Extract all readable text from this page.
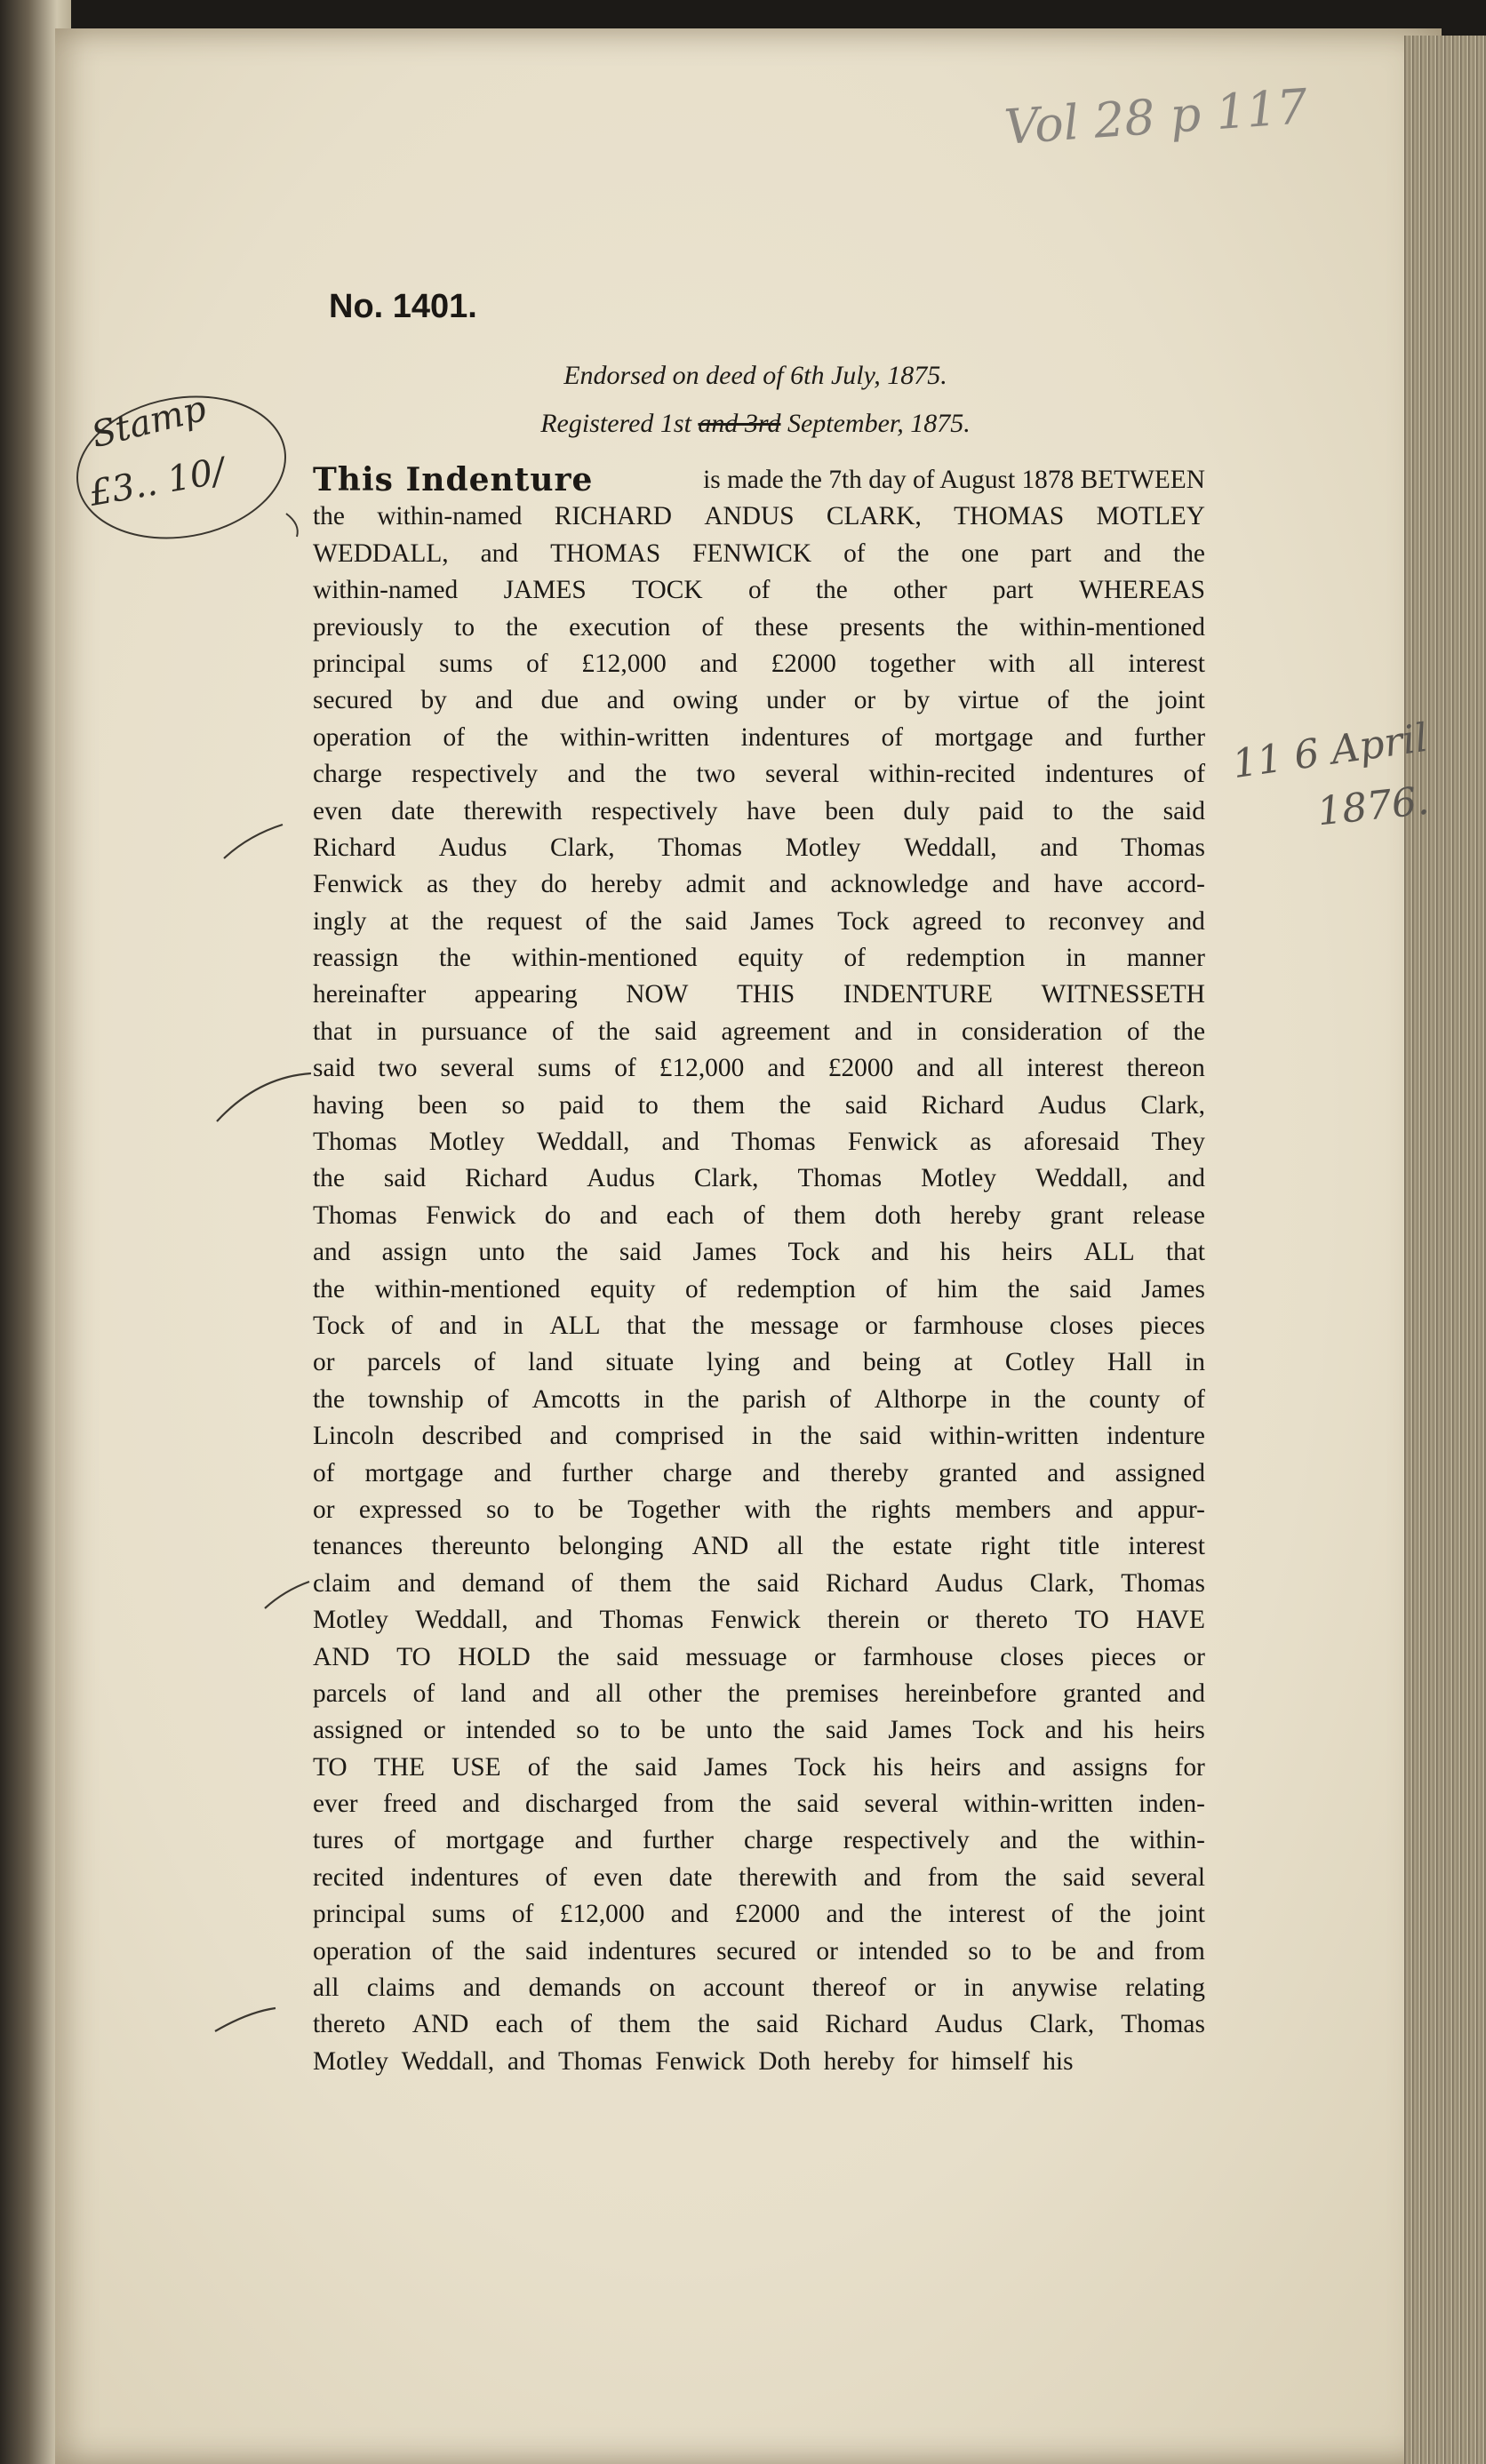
Vol 28 p 117
No. 1401.
Endorsed on deed of 6th July, 1875.
Registered 1st and 3rd September, 1875.
Stamp
£3.. 10/
11 6 April
1876.
This Indenture	is made the 7th day of August 1878 BETWEEN
the within-named RICHARD ANDUS CLARK, THOMAS MOTLEY
WEDDALL, and THOMAS FENWICK of the one part and the
within-named JAMES TOCK of the other part WHEREAS
previously to the execution of these presents the within-mentioned
principal sums of £12,000 and £2000 together with all interest
secured by and due and owing under or by virtue of the joint
operation of the within-written indentures of mortgage and further
charge respectively and the two several within-recited indentures of
even date therewith respectively have been duly paid to the said
Richard Audus Clark, Thomas Motley Weddall, and Thomas
Fenwick as they do hereby admit and acknowledge and have accord-
ingly at the request of the said James Tock agreed to reconvey and
reassign the within-mentioned equity of redemption in manner
hereinafter appearing NOW THIS INDENTURE WITNESSETH
that in pursuance of the said agreement and in consideration of the
said two several sums of £12,000 and £2000 and all interest thereon
having been so paid to them the said Richard Audus Clark,
Thomas Motley Weddall, and Thomas Fenwick as aforesaid They
the said Richard Audus Clark, Thomas Motley Weddall, and
Thomas Fenwick do and each of them doth hereby grant release
and assign unto the said James Tock and his heirs ALL that
the within-mentioned equity of redemption of him the said James
Tock of and in ALL that the message or farmhouse closes pieces
or parcels of land situate lying and being at Cotley Hall in
the township of Amcotts in the parish of Althorpe in the county of
Lincoln described and comprised in the said within-written indenture
of mortgage and further charge and thereby granted and assigned
or expressed so to be Together with the rights members and appur-
tenances thereunto belonging AND all the estate right title interest
claim and demand of them the said Richard Audus Clark, Thomas
Motley Weddall, and Thomas Fenwick therein or thereto TO HAVE
AND TO HOLD the said messuage or farmhouse closes pieces or
parcels of land and all other the premises hereinbefore granted and
assigned or intended so to be unto the said James Tock and his heirs
TO THE USE of the said James Tock his heirs and assigns for
ever freed and discharged from the said several within-written inden-
tures of mortgage and further charge respectively and the within-
recited indentures of even date therewith and from the said several
principal sums of £12,000 and £2000 and the interest of the joint
operation of the said indentures secured or intended so to be and from
all claims and demands on account thereof or in anywise relating
thereto AND each of them the said Richard Audus Clark, Thomas
Motley Weddall, and Thomas Fenwick Doth hereby for himself his
